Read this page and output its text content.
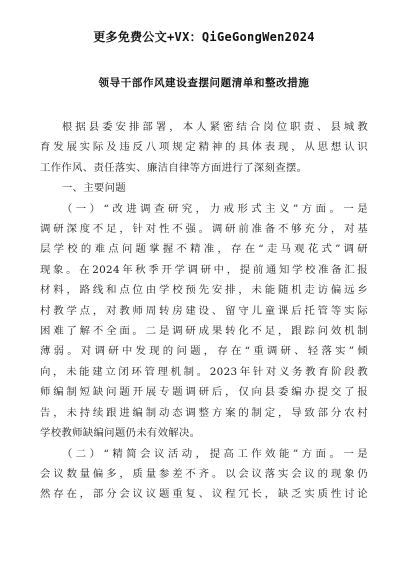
更多免费公文+VX：QiGeGongWen2024
领导干部作风建设查摆问题清单和整改措施
根据县委安排部署，本人紧密结合岗位职责、县城教
育发展实际及违反八项规定精神的具体表现，从思想认识
工作作风、责任落实、廉洁自律等方面进行了深刻查摆。
一、主要问题
（一）“改进调查研究，力戒形式主义”方面。一是
调研深度不足，针对性不强。调研前准备不够充分，对基
层学校的难点问题掌握不精准，存在“走马观花式”调研
现象。在2024年秋季开学调研中，提前通知学校准备汇报
材料，路线和点位由学校预先安排，未能随机走访偏远乡
村教学点，对教师周转房建设、留守儿童课后托管等实际
困难了解不全面。二是调研成果转化不足，跟踪问效机制
薄弱。对调研中发现的问题，存在“重调研、轻落实”倾
向，未能建立闭环管理机制。2023年针对义务教育阶段教
师编制短缺问题开展专题调研后，仅向县委编办提交了报
告，未持续跟进编制动态调整方案的制定，导致部分农村
学校教师缺编问题仍未有效解决。
（二）“精简会议活动，提高工作效能”方面。一是
会议数量偏多，质量参差不齐。以会议落实会议的现象仍
然存在，部分会议议题重复、议程冗长，缺乏实质性讨论
